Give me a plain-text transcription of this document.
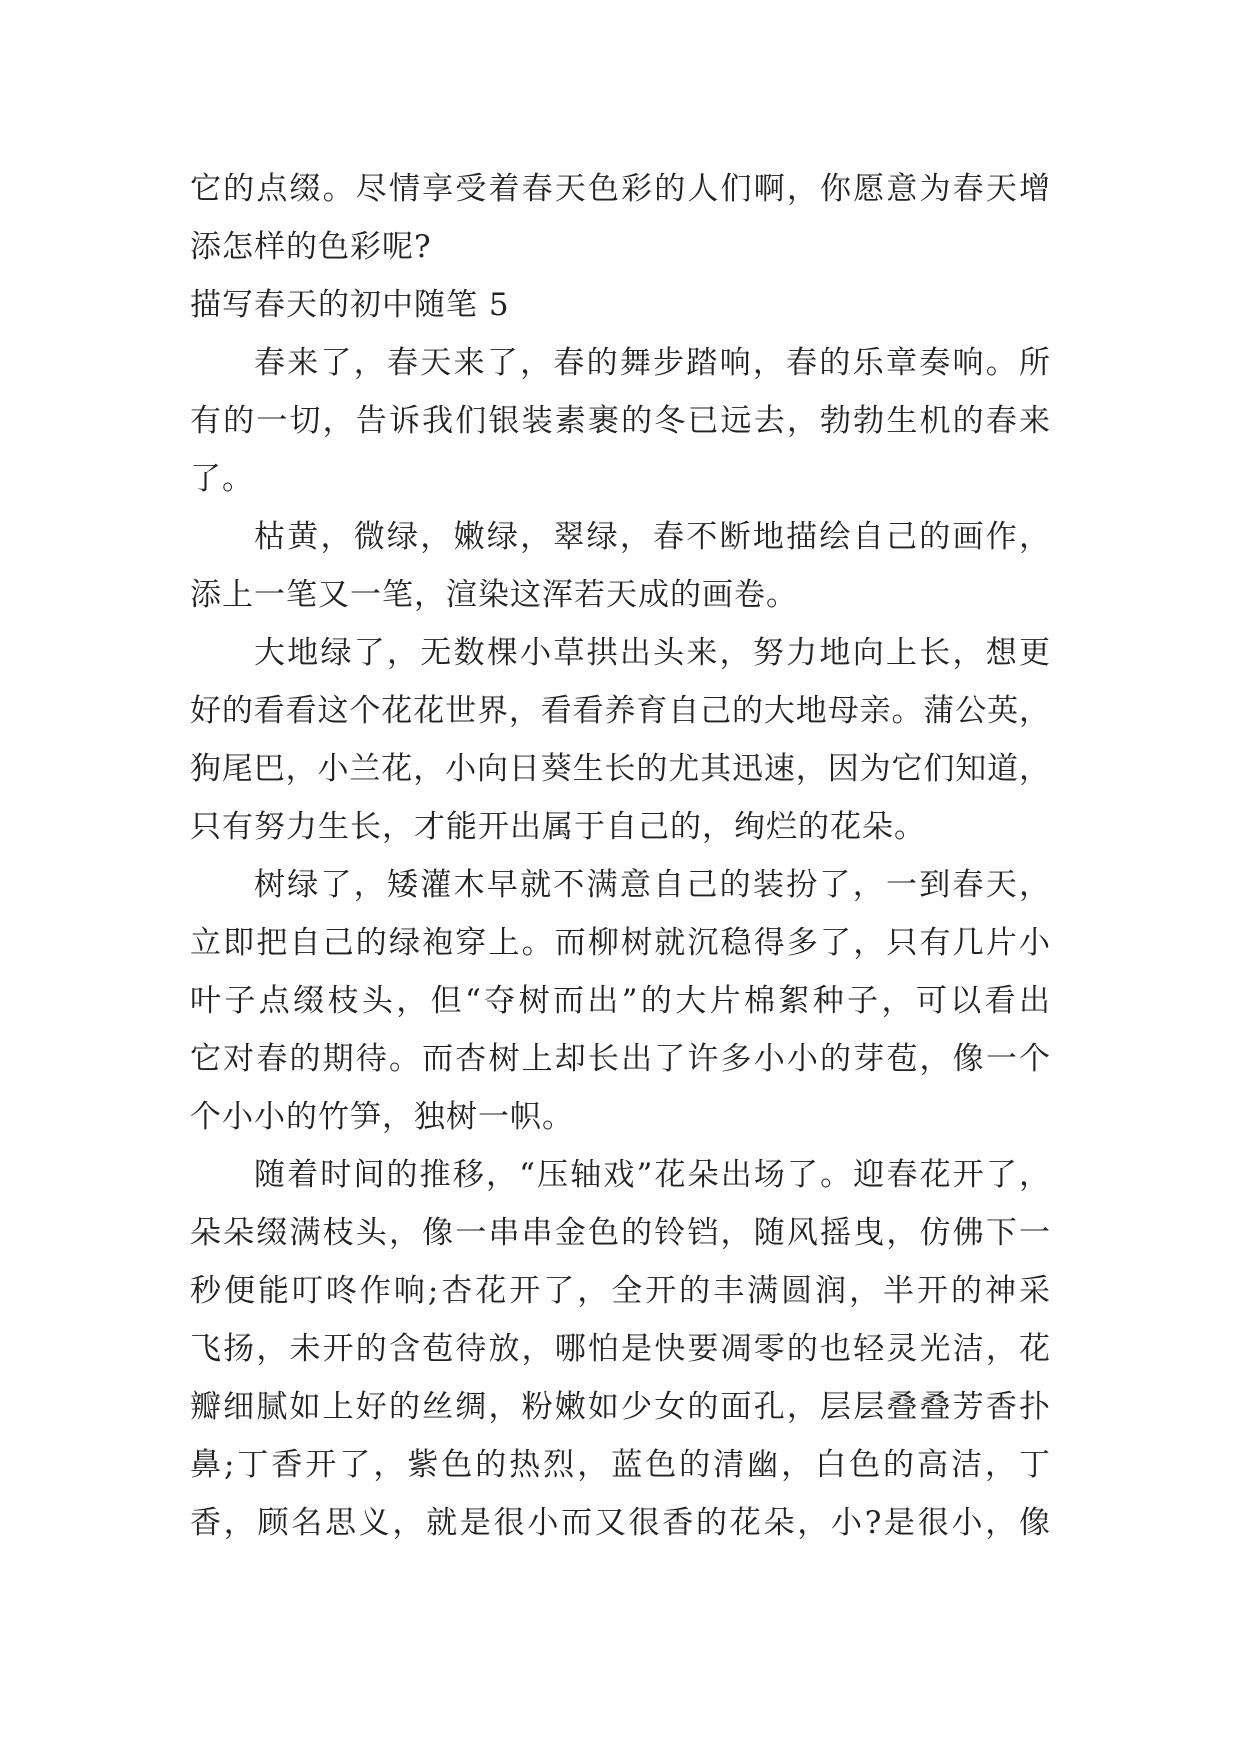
它的点缀。尽情享受着春天色彩的人们啊，你愿意为春天增
添怎样的色彩呢?
描写春天的初中随笔 5
春来了，春天来了，春的舞步踏响，春的乐章奏响。所
有的一切，告诉我们银装素裹的冬已远去，勃勃生机的春来
了。
枯黄，微绿，嫩绿，翠绿，春不断地描绘自己的画作，
添上一笔又一笔，渲染这浑若天成的画卷。
大地绿了，无数棵小草拱出头来，努力地向上长，想更
好的看看这个花花世界，看看养育自己的大地母亲。蒲公英，
狗尾巴，小兰花，小向日葵生长的尤其迅速，因为它们知道，
只有努力生长，才能开出属于自己的，绚烂的花朵。
树绿了，矮灌木早就不满意自己的装扮了，一到春天，
立即把自己的绿袍穿上。而柳树就沉稳得多了，只有几片小
叶子点缀枝头，但“夺树而出”的大片棉絮种子，可以看出
它对春的期待。而杏树上却长出了许多小小的芽苞，像一个
个小小的竹笋，独树一帜。
随着时间的推移，“压轴戏”花朵出场了。迎春花开了，
朵朵缀满枝头，像一串串金色的铃铛，随风摇曳，仿佛下一
秒便能叮咚作响;杏花开了，全开的丰满圆润，半开的神采
飞扬，未开的含苞待放，哪怕是快要凋零的也轻灵光洁，花
瓣细腻如上好的丝绸，粉嫩如少女的面孔，层层叠叠芳香扑
鼻;丁香开了，紫色的热烈，蓝色的清幽，白色的高洁，丁
香，顾名思义，就是很小而又很香的花朵，小?是很小，像
